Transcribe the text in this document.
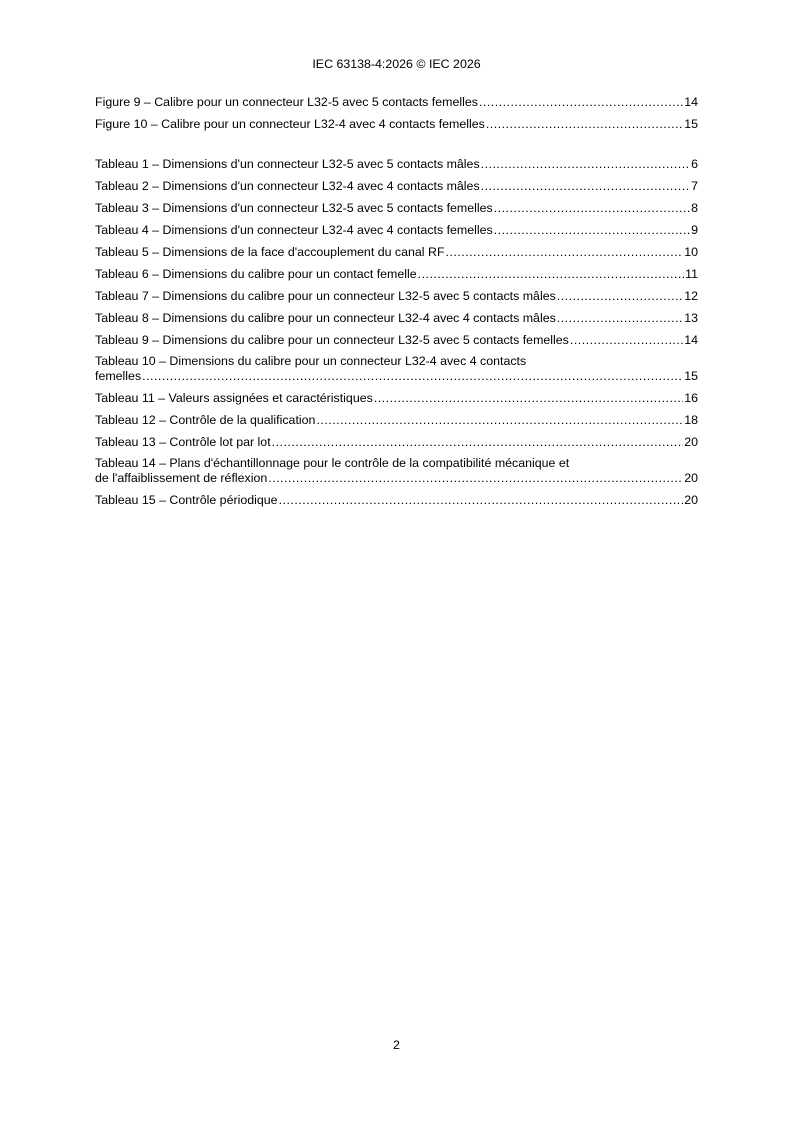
IEC 63138-4:2026 © IEC 2026
Figure 9 – Calibre pour un connecteur L32-5 avec 5 contacts femelles .....	14
Figure 10 – Calibre pour un connecteur L32-4 avec 4 contacts femelles .....	15
Tableau 1 – Dimensions d'un connecteur L32-5 avec 5 contacts mâles .....	6
Tableau 2 – Dimensions d'un connecteur L32-4 avec 4 contacts mâles .....	7
Tableau 3 – Dimensions d'un connecteur L32-5 avec 5 contacts femelles .....	8
Tableau 4 – Dimensions d'un connecteur L32-4 avec 4 contacts femelles .....	9
Tableau 5 – Dimensions de la face d'accouplement du canal RF .....	10
Tableau 6 – Dimensions du calibre pour un contact femelle .....	11
Tableau 7 – Dimensions du calibre pour un connecteur L32-5 avec 5 contacts mâles .....	12
Tableau 8 – Dimensions du calibre pour un connecteur L32-4 avec 4 contacts mâles .....	13
Tableau 9 – Dimensions du calibre pour un connecteur L32-5 avec 5 contacts femelles .....	14
Tableau 10 – Dimensions du calibre pour un connecteur L32-4 avec 4 contacts
femelles .....	15
Tableau 11 – Valeurs assignées et caractéristiques .....	16
Tableau 12 – Contrôle de la qualification .....	18
Tableau 13 – Contrôle lot par lot .....	20
Tableau 14 – Plans d'échantillonnage pour le contrôle de la compatibilité mécanique et
de l'affaiblissement de réflexion .....	20
Tableau 15 – Contrôle périodique .....	20
2
